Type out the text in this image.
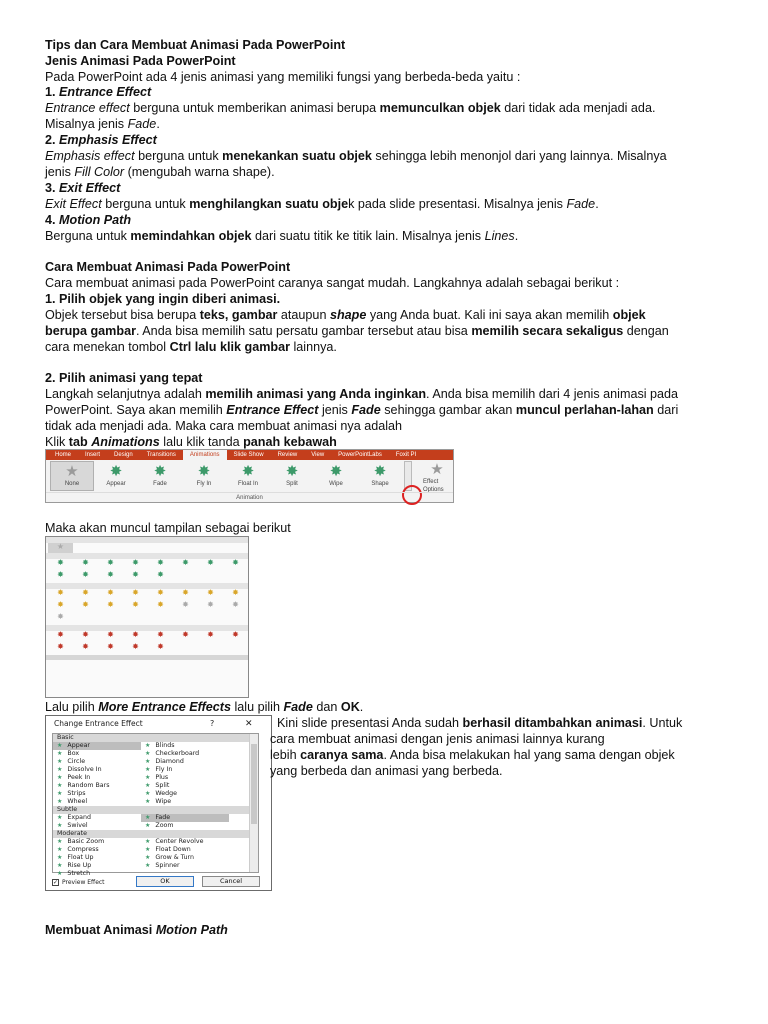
Tips dan Cara Membuat Animasi Pada PowerPoint
Jenis Animasi Pada PowerPoint
Pada PowerPoint ada 4 jenis animasi yang memiliki fungsi yang berbeda-beda yaitu :
1. Entrance Effect
Entrance effect berguna untuk memberikan animasi berupa memunculkan objek dari tidak ada menjadi ada.
Misalnya jenis Fade.
2. Emphasis Effect
Emphasis effect berguna untuk menekankan suatu objek sehingga lebih menonjol dari yang lainnya. Misalnya
jenis Fill Color (mengubah warna shape).
3. Exit Effect
Exit Effect berguna untuk menghilangkan suatu objek pada slide presentasi. Misalnya jenis Fade.
4. Motion Path
Berguna untuk memindahkan objek dari suatu titik ke titik lain. Misalnya jenis Lines.
Cara Membuat Animasi Pada PowerPoint
Cara membuat animasi pada PowerPoint caranya sangat mudah. Langkahnya adalah sebagai berikut :
1. Pilih objek yang ingin diberi animasi.
Objek tersebut bisa berupa teks, gambar ataupun shape yang Anda buat. Kali ini saya akan memilih objek
berupa gambar. Anda bisa memilih satu persatu gambar tersebut atau bisa memilih secara sekaligus dengan
cara menekan tombol Ctrl lalu klik gambar lainnya.
2. Pilih animasi yang tepat
Langkah selanjutnya adalah memilih animasi yang Anda inginkan. Anda bisa memilih dari 4 jenis animasi pada
PowerPoint. Saya akan memilih Entrance Effect jenis Fade sehingga gambar akan muncul perlahan-lahan dari
tidak ada menjadi ada. Maka cara membuat animasi nya adalah
Klik tab Animations lalu klik tanda panah kebawah
Home	Insert	Design	Transitions	Animations	Slide Show	Review	View	PowerPointLabs	Foxit PI
★
None
✸
Appear
✸
Fade
✸
Fly In
✸
Float In
✸
Split
✸
Wipe
✸
Shape
★
Effect Options
Animation
Maka akan muncul tampilan sebagai berikut
★
✸ ✸ ✸ ✸ ✸ ✸ ✸ ✸
✸ ✸ ✸ ✸ ✸
✸ ✸ ✸ ✸ ✸ ✸ ✸ ✸
✸ ✸ ✸ ✸ ✸ ✸ ✸ ✸
✸
✸ ✸ ✸ ✸ ✸ ✸ ✸ ✸
✸ ✸ ✸ ✸ ✸

Lalu pilih More Entrance Effects lalu pilih Fade dan OK.
Change Entrance Effect	?	✕
Basic
★ Appear	★ Blinds
★ Box	★ Checkerboard
★ Circle	★ Diamond
★ Dissolve In	★ Fly In
★ Peek In	★ Plus
★ Random Bars	★ Split
★ Strips	★ Wedge
★ Wheel	★ Wipe
Subtle
★ Expand	★ Fade
★ Swivel	★ Zoom
Moderate
★ Basic Zoom	★ Center Revolve
★ Compress	★ Float Down
★ Float Up	★ Grow & Turn
★ Rise Up	★ Spinner
★ Stretch
✓ Preview Effect	OK	Cancel
Kini slide presentasi Anda sudah berhasil ditambahkan animasi. Untuk
cara membuat animasi dengan jenis animasi lainnya kurang
lebih caranya sama. Anda bisa melakukan hal yang sama dengan objek
yang berbeda dan animasi yang berbeda.
Membuat Animasi Motion Path
